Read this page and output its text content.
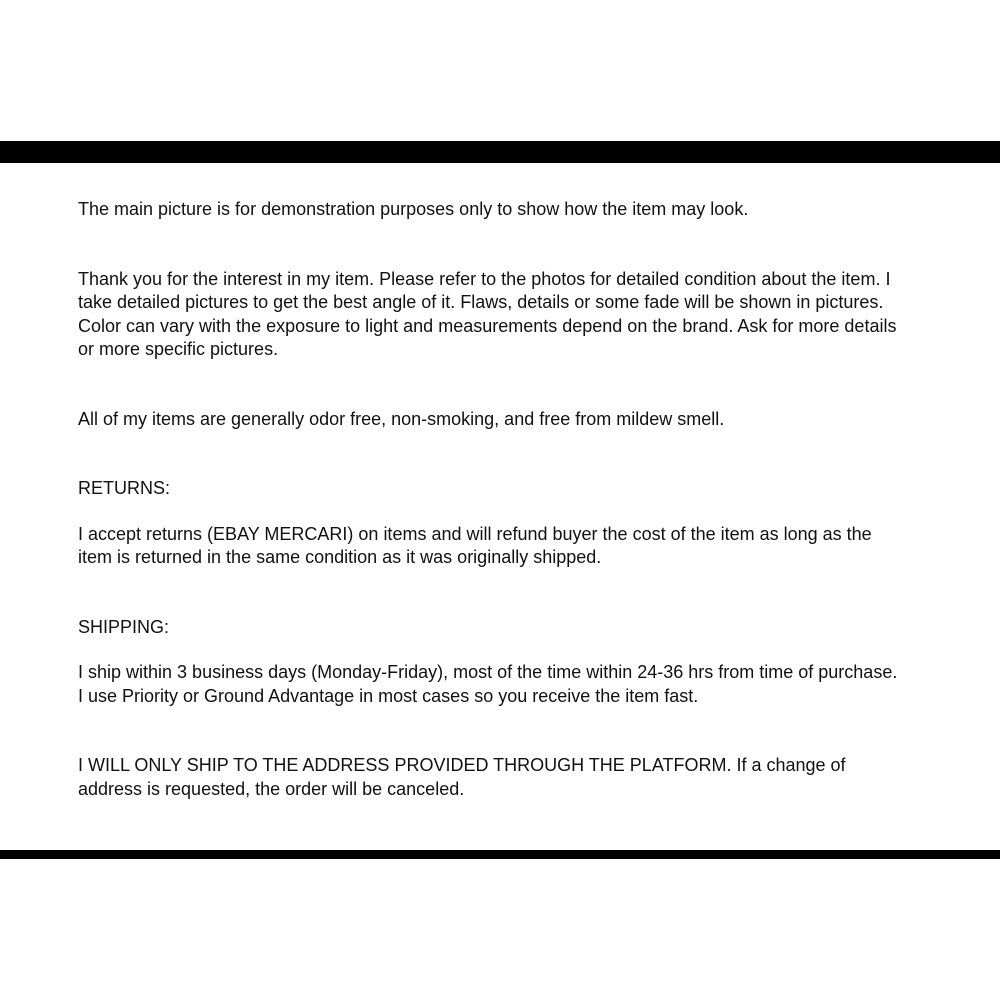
The main picture is for demonstration purposes only to show how the item may look.

Thank you for the interest in my item. Please refer to the photos for detailed condition about the item. I
take detailed pictures to get the best angle of it. Flaws, details or some fade will be shown in pictures.
Color can vary with the exposure to light and measurements depend on the brand. Ask for more details
or more specific pictures.

All of my items are generally odor free, non-smoking, and free from mildew smell.

RETURNS:

I accept returns (EBAY MERCARI) on items and will refund buyer the cost of the item as long as the
item is returned in the same condition as it was originally shipped.

SHIPPING:

I ship within 3 business days (Monday-Friday), most of the time within 24-36 hrs from time of purchase.
I use Priority or Ground Advantage in most cases so you receive the item fast.

I WILL ONLY SHIP TO THE ADDRESS PROVIDED THROUGH THE PLATFORM. If a change of
address is requested, the order will be canceled.
